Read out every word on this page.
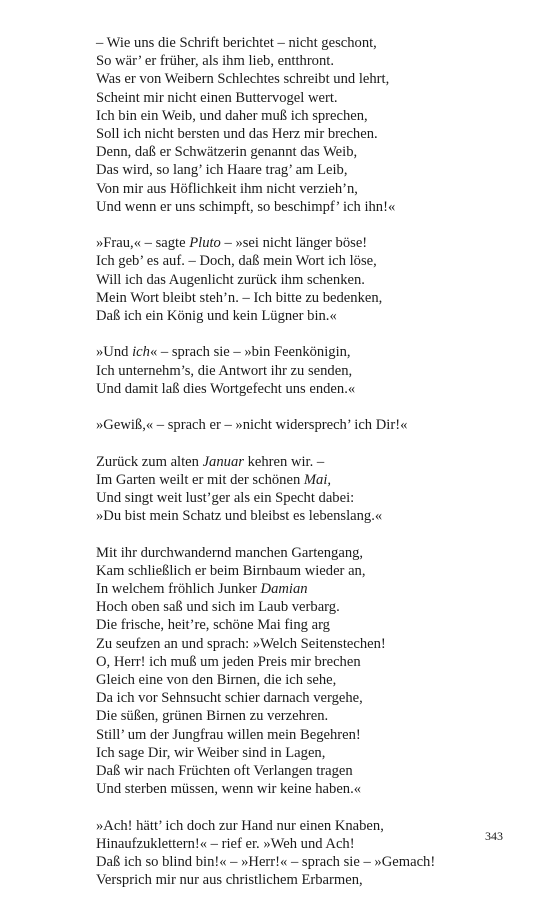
– Wie uns die Schrift berichtet – nicht geschont,
So wär’ er früher, als ihm lieb, entthront.
Was er von Weibern Schlechtes schreibt und lehrt,
Scheint mir nicht einen Buttervogel wert.
Ich bin ein Weib, und daher muß ich sprechen,
Soll ich nicht bersten und das Herz mir brechen.
Denn, daß er Schwätzerin genannt das Weib,
Das wird, so lang’ ich Haare trag’ am Leib,
Von mir aus Höflichkeit ihm nicht verzieh’n,
Und wenn er uns schimpft, so beschimpf’ ich ihn!«
»Frau,« – sagte Pluto – »sei nicht länger böse!
Ich geb’ es auf. – Doch, daß mein Wort ich löse,
Will ich das Augenlicht zurück ihm schenken.
Mein Wort bleibt steh’n. – Ich bitte zu bedenken,
Daß ich ein König und kein Lügner bin.«
»Und ich« – sprach sie – »bin Feenkönigin,
Ich unternehm’s, die Antwort ihr zu senden,
Und damit laß dies Wortgefecht uns enden.«
»Gewiß,« – sprach er – »nicht widersprech’ ich Dir!«
Zurück zum alten Januar kehren wir. –
Im Garten weilt er mit der schönen Mai,
Und singt weit lust’ger als ein Specht dabei:
»Du bist mein Schatz und bleibst es lebenslang.«
Mit ihr durchwandernd manchen Gartengang,
Kam schließlich er beim Birnbaum wieder an,
In welchem fröhlich Junker Damian
Hoch oben saß und sich im Laub verbarg.
Die frische, heit’re, schöne Mai fing arg
Zu seufzen an und sprach: »Welch Seitenstechen!
O, Herr! ich muß um jeden Preis mir brechen
Gleich eine von den Birnen, die ich sehe,
Da ich vor Sehnsucht schier darnach vergehe,
Die süßen, grünen Birnen zu verzehren.
Still’ um der Jungfrau willen mein Begehren!
Ich sage Dir, wir Weiber sind in Lagen,
Daß wir nach Früchten oft Verlangen tragen
Und sterben müssen, wenn wir keine haben.«
»Ach! hätt’ ich doch zur Hand nur einen Knaben,
Hinaufzuklettern!« – rief er. »Weh und Ach!
Daß ich so blind bin!« – »Herr!« – sprach sie – »Gemach!
Versprich mir nur aus christlichem Erbarmen,
343
